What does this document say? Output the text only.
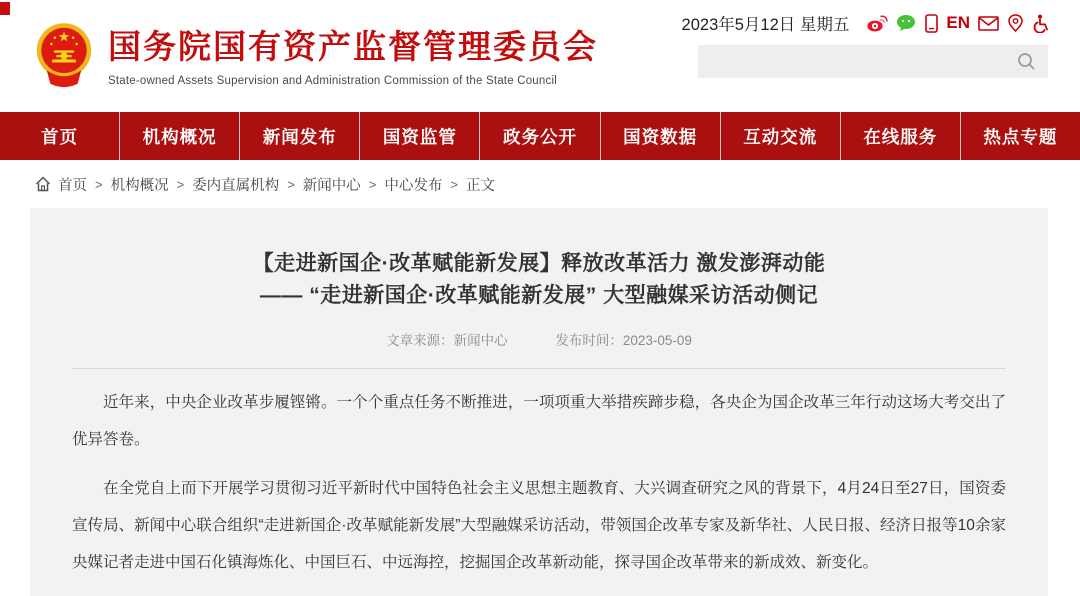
国务院国有资产监督管理委员会
State-owned Assets Supervision and Administration Commission of the State Council
2023年5月12日 星期五	EN
首页	机构概况	新闻发布	国资监管	政务公开	国资数据	互动交流	在线服务	热点专题
首页 > 机构概况 > 委内直属机构 > 新闻中心 > 中心发布 > 正文
【走进新国企·改革赋能新发展】释放改革活力 激发澎湃动能
—— “走进新国企·改革赋能新发展” 大型融媒采访活动侧记
文章来源：新闻中心	发布时间：2023-05-09

近年来，中央企业改革步履铿锵。一个个重点任务不断推进，一项项重大举措疾蹄步稳，各央企为国企改革三年行动这场大考交出了优异答卷。

在全党自上而下开展学习贯彻习近平新时代中国特色社会主义思想主题教育、大兴调查研究之风的背景下，4月24日至27日，国资委宣传局、新闻中心联合组织“走进新国企·改革赋能新发展”大型融媒采访活动，带领国企改革专家及新华社、人民日报、经济日报等10余家央媒记者走进中国石化镇海炼化、中国巨石、中远海控，挖掘国企改革新动能，探寻国企改革带来的新成效、新变化。
